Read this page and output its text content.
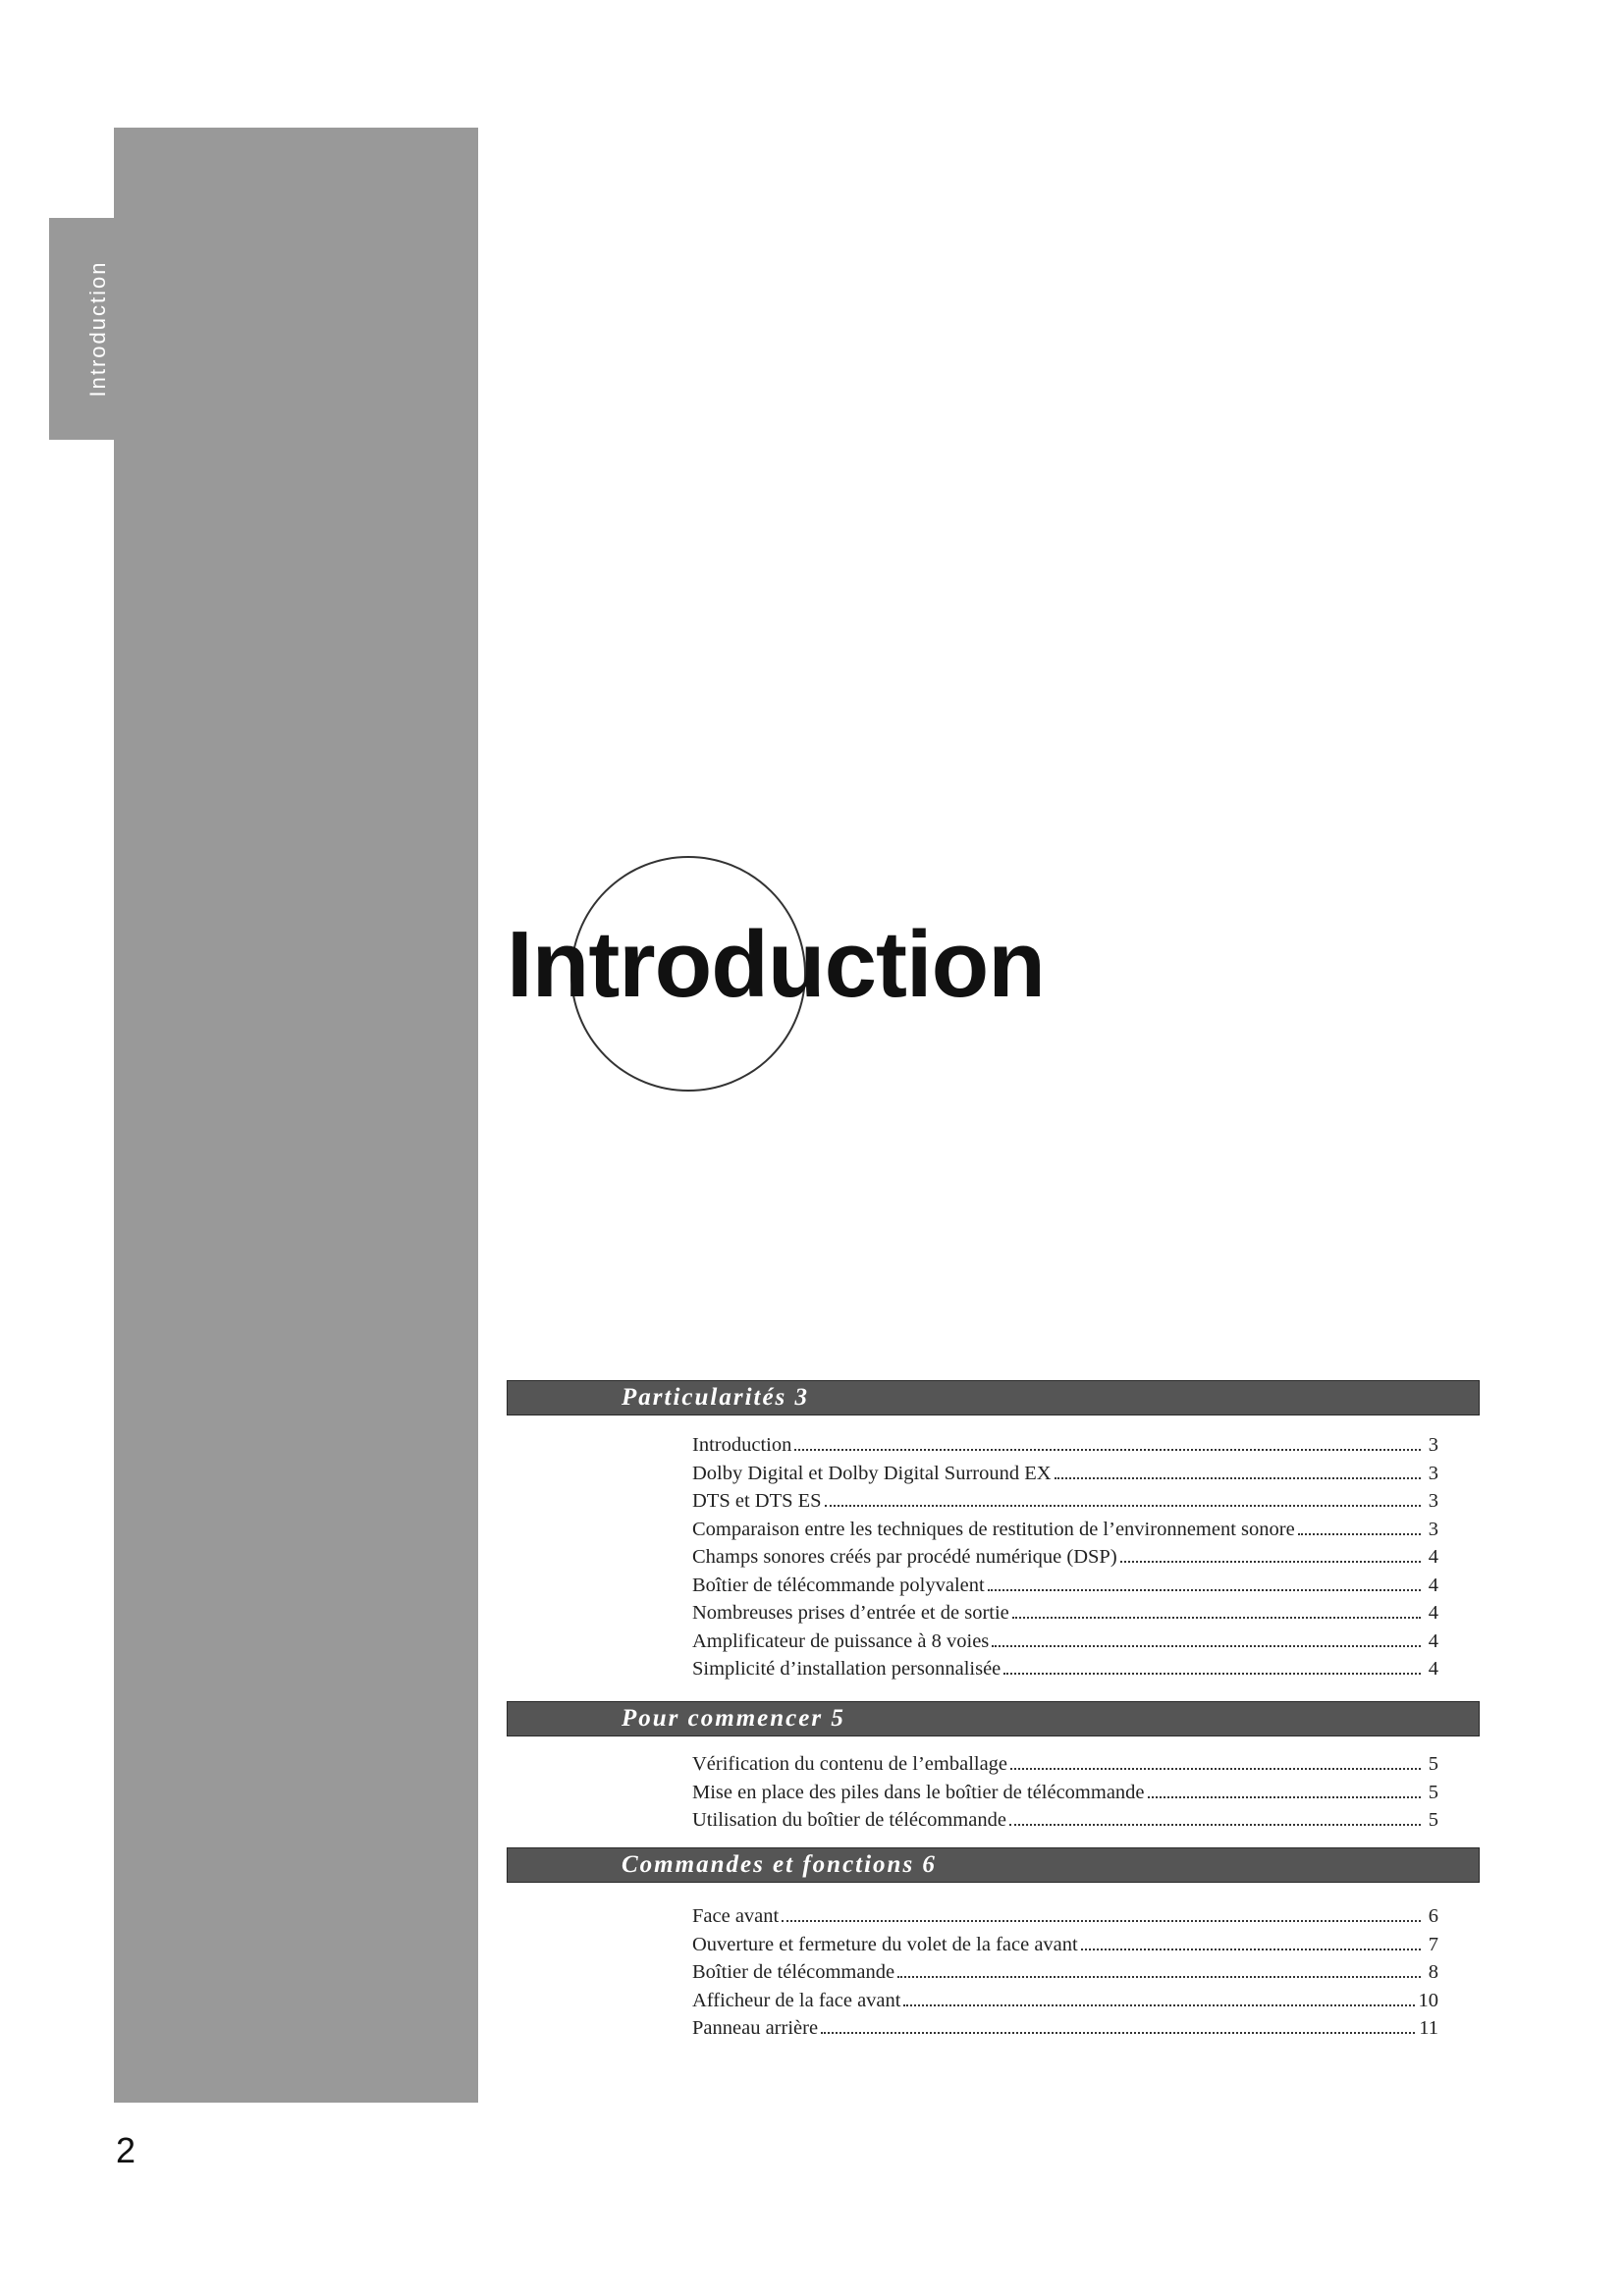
Introduction
Introduction
Particularités 3
Introduction	3
Dolby Digital et Dolby Digital Surround EX	3
DTS et DTS ES	3
Comparaison entre les techniques de restitution de l’environnement sonore	3
Champs sonores créés par procédé numérique (DSP)	4
Boîtier de télécommande polyvalent	4
Nombreuses prises d’entrée et de sortie	4
Amplificateur de puissance à 8 voies	4
Simplicité d’installation personnalisée	4
Pour commencer 5
Vérification du contenu de l’emballage	5
Mise en place des piles dans le boîtier de télécommande	5
Utilisation du boîtier de télécommande	5
Commandes et fonctions 6
Face avant	6
Ouverture et fermeture du volet de la face avant	7
Boîtier de télécommande	8
Afficheur de la face avant	10
Panneau arrière	11
2
